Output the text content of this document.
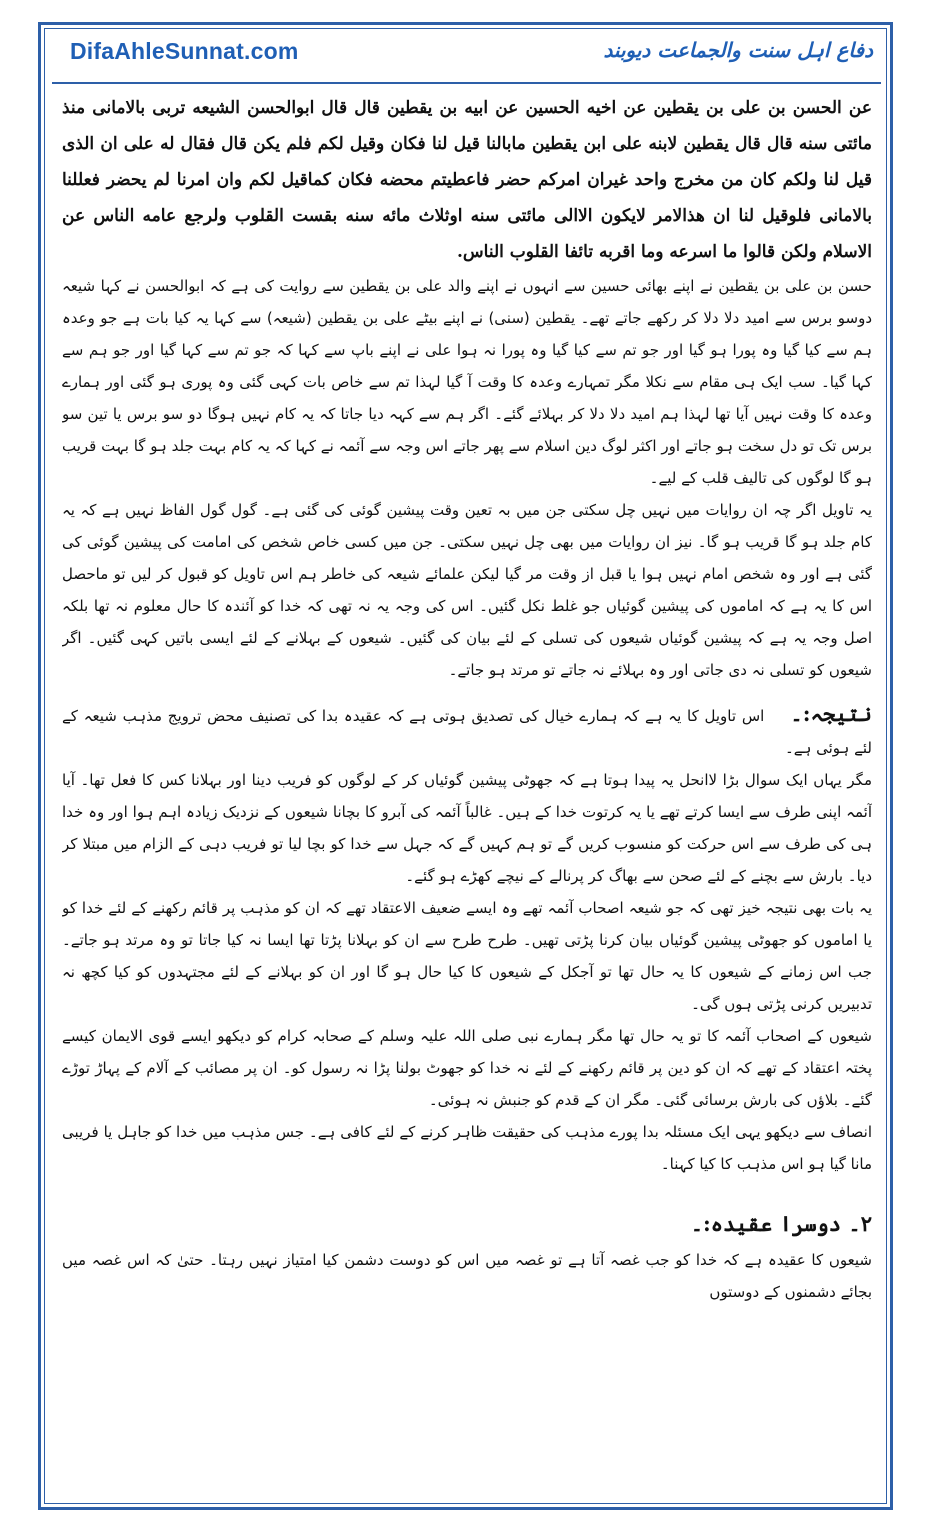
DifaAhleSunnat.com	دفاع اہل سنت والجماعت دیوبند

عن الحسن بن علی بن يقطين عن اخيه الحسين عن ابيه بن يقطين قال قال ابوالحسن الشيعه تربى بالامانى منذ مائتى سنه قال قال يقطين لابنه على ابن يقطين مابالنا قيل لنا فكان وقيل لكم فلم يكن قال فقال له على ان الذى قيل لنا ولكم كان من مخرج واحد غيران امركم حضر فاعطيتم محضه فكان كماقيل لكم وان امرنا لم يحضر فعللنا بالامانى فلوقيل لنا ان هذالامر لايكون الاالى مائتى سنه اوثلاث مائه سنه بقست القلوب ولرجع عامه الناس عن الاسلام ولكن قالوا ما اسرعه وما اقربه تائفا القلوب الناس.

حسن بن علی بن یقطین نے اپنے بھائی حسین سے انہوں نے اپنے والد علی بن یقطین سے روایت کی ہے کہ ابوالحسن نے کہا شیعہ دوسو برس سے امید دلا دلا کر رکھے جاتے تھے۔ یقطین (سنی) نے اپنے بیٹے علی بن یقطین (شیعہ) سے کہا یہ کیا بات ہے جو وعدہ ہم سے کیا گیا وہ پورا ہو گیا اور جو تم سے کیا گیا وہ پورا نہ ہوا علی نے اپنے باپ سے کہا کہ جو تم سے کہا گیا اور جو ہم سے کہا گیا۔ سب ایک ہی مقام سے نکلا مگر تمہارے وعدہ کا وقت آ گیا لہذا تم سے خاص بات کہی گئی وہ پوری ہو گئی اور ہمارے وعدہ کا وقت نہیں آیا تھا لہذا ہم امید دلا دلا کر بہلائے گئے۔ اگر ہم سے کہہ دیا جاتا کہ یہ کام نہیں ہوگا دو سو برس یا تین سو برس تک تو دل سخت ہو جاتے اور اکثر لوگ دین اسلام سے پھر جاتے اس وجہ سے آئمہ نے کہا کہ یہ کام بہت جلد ہو گا بہت قریب ہو گا لوگوں کی تالیف قلب کے لیے۔

یہ تاویل اگر چہ ان روایات میں نہیں چل سکتی جن میں بہ تعین وقت پیشین گوئی کی گئی ہے۔ گول گول الفاظ نہیں ہے کہ یہ کام جلد ہو گا قریب ہو گا۔ نیز ان روایات میں بھی چل نہیں سکتی۔ جن میں کسی خاص شخص کی امامت کی پیشین گوئی کی گئی ہے اور وہ شخص امام نہیں ہوا یا قبل از وقت مر گیا لیکن علمائے شیعہ کی خاطر ہم اس تاویل کو قبول کر لیں تو ماحصل اس کا یہ ہے کہ اماموں کی پیشین گوئیاں جو غلط نکل گئیں۔ اس کی وجہ یہ نہ تھی کہ خدا کو آئندہ کا حال معلوم نہ تھا بلکہ اصل وجہ یہ ہے کہ پیشین گوئیاں شیعوں کی تسلی کے لئے بیان کی گئیں۔ شیعوں کے بہلانے کے لئے ایسی باتیں کہی گئیں۔ اگر شیعوں کو تسلی نہ دی جاتی اور وہ بہلائے نہ جاتے تو مرتد ہو جاتے۔

نتیجہ:۔ اس تاویل کا یہ ہے کہ ہمارے خیال کی تصدیق ہوتی ہے کہ عقیدہ بدا کی تصنیف محض ترویج مذہب شیعہ کے لئے ہوئی ہے۔

مگر یہاں ایک سوال بڑا لاانحل یہ پیدا ہوتا ہے کہ جھوٹی پیشین گوئیاں کر کے لوگوں کو فریب دینا اور بہلانا کس کا فعل تھا۔ آیا آئمہ اپنی طرف سے ایسا کرتے تھے یا یہ کرتوت خدا کے ہیں۔ غالباً آئمہ کی آبرو کا بچانا شیعوں کے نزدیک زیادہ اہم ہوا اور وہ خدا ہی کی طرف سے اس حرکت کو منسوب کریں گے تو ہم کہیں گے کہ جہل سے خدا کو بچا لیا تو فریب دہی کے الزام میں مبتلا کر دیا۔ بارش سے بچنے کے لئے صحن سے بھاگ کر پرنالے کے نیچے کھڑے ہو گئے۔

یہ بات بھی نتیجہ خیز تھی کہ جو شیعہ اصحاب آئمہ تھے وہ ایسے ضعیف الاعتقاد تھے کہ ان کو مذہب پر قائم رکھنے کے لئے خدا کو یا اماموں کو جھوٹی پیشین گوئیاں بیان کرنا پڑتی تھیں۔ طرح طرح سے ان کو بہلانا پڑتا تھا ایسا نہ کیا جاتا تو وہ مرتد ہو جاتے۔ جب اس زمانے کے شیعوں کا یہ حال تھا تو آجکل کے شیعوں کا کیا حال ہو گا اور ان کو بہلانے کے لئے مجتہدوں کو کیا کچھ نہ تدبیریں کرنی پڑتی ہوں گی۔

شیعوں کے اصحاب آئمہ کا تو یہ حال تھا مگر ہمارے نبی صلی اللہ علیہ وسلم کے صحابہ کرام کو دیکھو ایسے قوی الایمان کیسے پختہ اعتقاد کے تھے کہ ان کو دین پر قائم رکھنے کے لئے نہ خدا کو جھوٹ بولنا پڑا نہ رسول کو۔ ان پر مصائب کے آلام کے پہاڑ توڑے گئے۔ بلاؤں کی بارش برسائی گئی۔ مگر ان کے قدم کو جنبش نہ ہوئی۔

انصاف سے دیکھو یہی ایک مسئلہ بدا پورے مذہب کی حقیقت ظاہر کرنے کے لئے کافی ہے۔ جس مذہب میں خدا کو جاہل یا فریبی مانا گیا ہو اس مذہب کا کیا کہنا۔

۲۔ دوسرا عقیدہ:۔

شیعوں کا عقیدہ ہے کہ خدا کو جب غصہ آتا ہے تو غصہ میں اس کو دوست دشمن کیا امتیاز نہیں رہتا۔ حتیٰ کہ اس غصہ میں بجائے دشمنوں کے دوستوں
